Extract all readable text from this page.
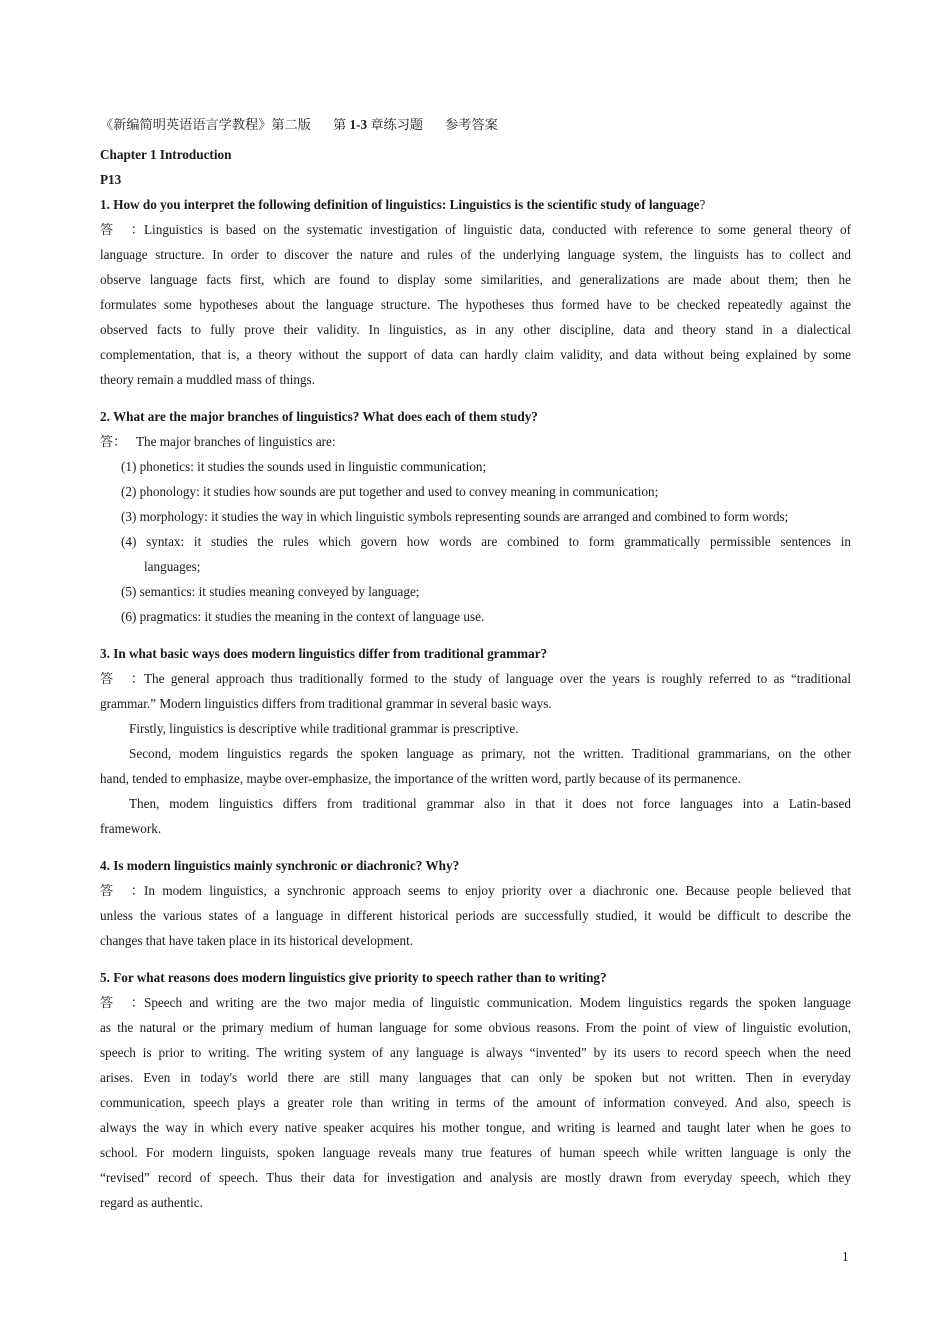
《新编简明英语语言学教程》第二版 第 1-3 章练习题 参考答案
Chapter 1 Introduction
P13
1. How do you interpret the following definition of linguistics: Linguistics is the scientific study of language?
答：Linguistics is based on the systematic investigation of linguistic data, conducted with reference to some general theory of
language structure. In order to discover the nature and rules of the underlying language system, the linguists has to collect and
observe language facts first, which are found to display some similarities, and generalizations are made about them; then he
formulates some hypotheses about the language structure. The hypotheses thus formed have to be checked repeatedly against the
observed facts to fully prove their validity. In linguistics, as in any other discipline, data and theory stand in a dialectical
complementation, that is, a theory without the support of data can hardly claim validity, and data without being explained by some
theory remain a muddled mass of things.
2. What are the major branches of linguistics? What does each of them study?
答： The major branches of linguistics are:
(1) phonetics: it studies the sounds used in linguistic communication;
(2) phonology: it studies how sounds are put together and used to convey meaning in communication;
(3) morphology: it studies the way in which linguistic symbols representing sounds are arranged and combined to form words;
(4) syntax: it studies the rules which govern how words are combined to form grammatically permissible sentences in
languages;
(5) semantics: it studies meaning conveyed by language;
(6) pragmatics: it studies the meaning in the context of language use.
3. In what basic ways does modern linguistics differ from traditional grammar?
答：The general approach thus traditionally formed to the study of language over the years is roughly referred to as “traditional
grammar.” Modern linguistics differs from traditional grammar in several basic ways.
Firstly, linguistics is descriptive while traditional grammar is prescriptive.
Second, modem linguistics regards the spoken language as primary, not the written. Traditional grammarians, on the other
hand, tended to emphasize, maybe over-emphasize, the importance of the written word, partly because of its permanence.
Then, modem linguistics differs from traditional grammar also in that it does not force languages into a Latin-based
framework.
4. Is modern linguistics mainly synchronic or diachronic? Why?
答：In modem linguistics, a synchronic approach seems to enjoy priority over a diachronic one. Because people believed that
unless the various states of a language in different historical periods are successfully studied, it would be difficult to describe the
changes that have taken place in its historical development.
5. For what reasons does modern linguistics give priority to speech rather than to writing?
答：Speech and writing are the two major media of linguistic communication. Modem linguistics regards the spoken language
as the natural or the primary medium of human language for some obvious reasons. From the point of view of linguistic evolution,
speech is prior to writing. The writing system of any language is always “invented” by its users to record speech when the need
arises. Even in today's world there are still many languages that can only be spoken but not written. Then in everyday
communication, speech plays a greater role than writing in terms of the amount of information conveyed. And also, speech is
always the way in which every native speaker acquires his mother tongue, and writing is learned and taught later when he goes to
school. For modern linguists, spoken language reveals many true features of human speech while written language is only the
“revised” record of speech. Thus their data for investigation and analysis are mostly drawn from everyday speech, which they
regard as authentic.
1
